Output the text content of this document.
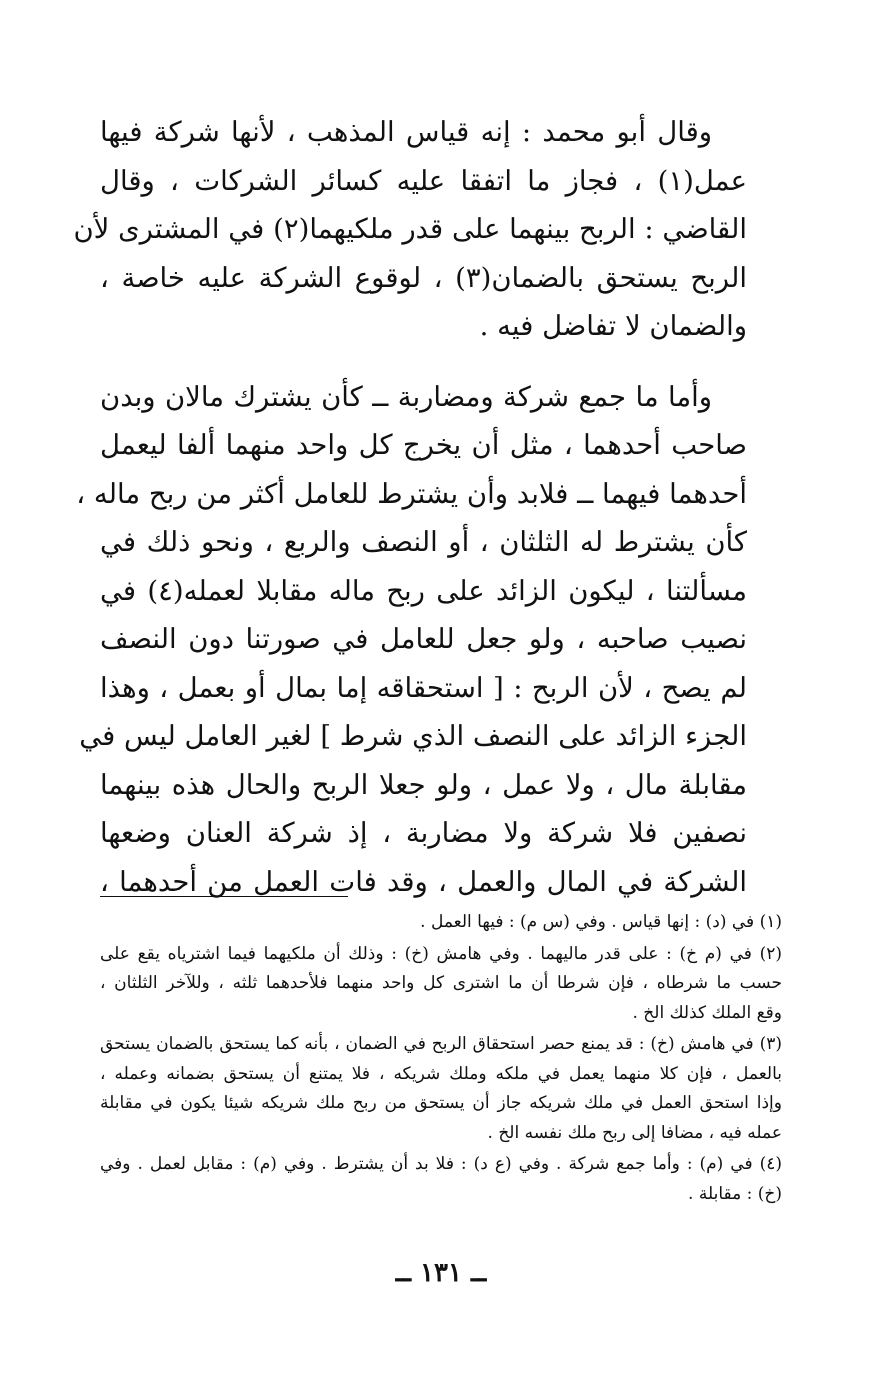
وقال أبو محمد : إنه قياس المذهب ، لأنها شركة فيها
عمل(١) ، فجاز ما اتفقا عليه كسائر الشركات ، وقال
القاضي : الربح بينهما على قدر ملكيهما(٢) في المشترى لأن
الربح يستحق بالضمان(٣) ، لوقوع الشركة عليه خاصة ،
والضمان لا تفاضل فيه .

وأما ما جمع شركة ومضاربة ــ كأن يشترك مالان وبدن
صاحب أحدهما ، مثل أن يخرج كل واحد منهما ألفا ليعمل
أحدهما فيهما ــ فلابد وأن يشترط للعامل أكثر من ربح ماله ،
كأن يشترط له الثلثان ، أو النصف والربع ، ونحو ذلك في
مسألتنا ، ليكون الزائد على ربح ماله مقابلا لعمله(٤) في
نصيب صاحبه ، ولو جعل للعامل في صورتنا دون النصف
لم يصح ، لأن الربح : [ استحقاقه إما بمال أو بعمل ، وهذا
الجزء الزائد على النصف الذي شرط ] لغير العامل ليس في
مقابلة مال ، ولا عمل ، ولو جعلا الربح والحال هذه بينهما
نصفين فلا شركة ولا مضاربة ، إذ شركة العنان وضعها
الشركة في المال والعمل ، وقد فات العمل من أحدهما ،

(١) في (د) : إنها قياس . وفي (س م) : فيها العمل .
(٢) في (م خ) : على قدر ماليهما . وفي هامش (خ) : وذلك أن ملكيهما فيما اشترياه يقع على
حسب ما شرطاه ، فإن شرطا أن ما اشترى كل واحد منهما فلأحدهما ثلثه ، وللآخر الثلثان ،
وقع الملك كذلك الخ .
(٣) في هامش (خ) : قد يمنع حصر استحقاق الربح في الضمان ، بأنه كما يستحق بالضمان يستحق
بالعمل ، فإن كلا منهما يعمل في ملكه وملك شريكه ، فلا يمتنع أن يستحق بضمانه وعمله ،
وإذا استحق العمل في ملك شريكه جاز أن يستحق من ربح ملك شريكه شيئا يكون في مقابلة
عمله فيه ، مضافا إلى ربح ملك نفسه الخ .
(٤) في (م) : وأما جمع شركة . وفي (ع د) : فلا بد أن يشترط . وفي (م) : مقابل لعمل . وفي
(خ) : مقابلة .
ــ ١٣١ ــ
